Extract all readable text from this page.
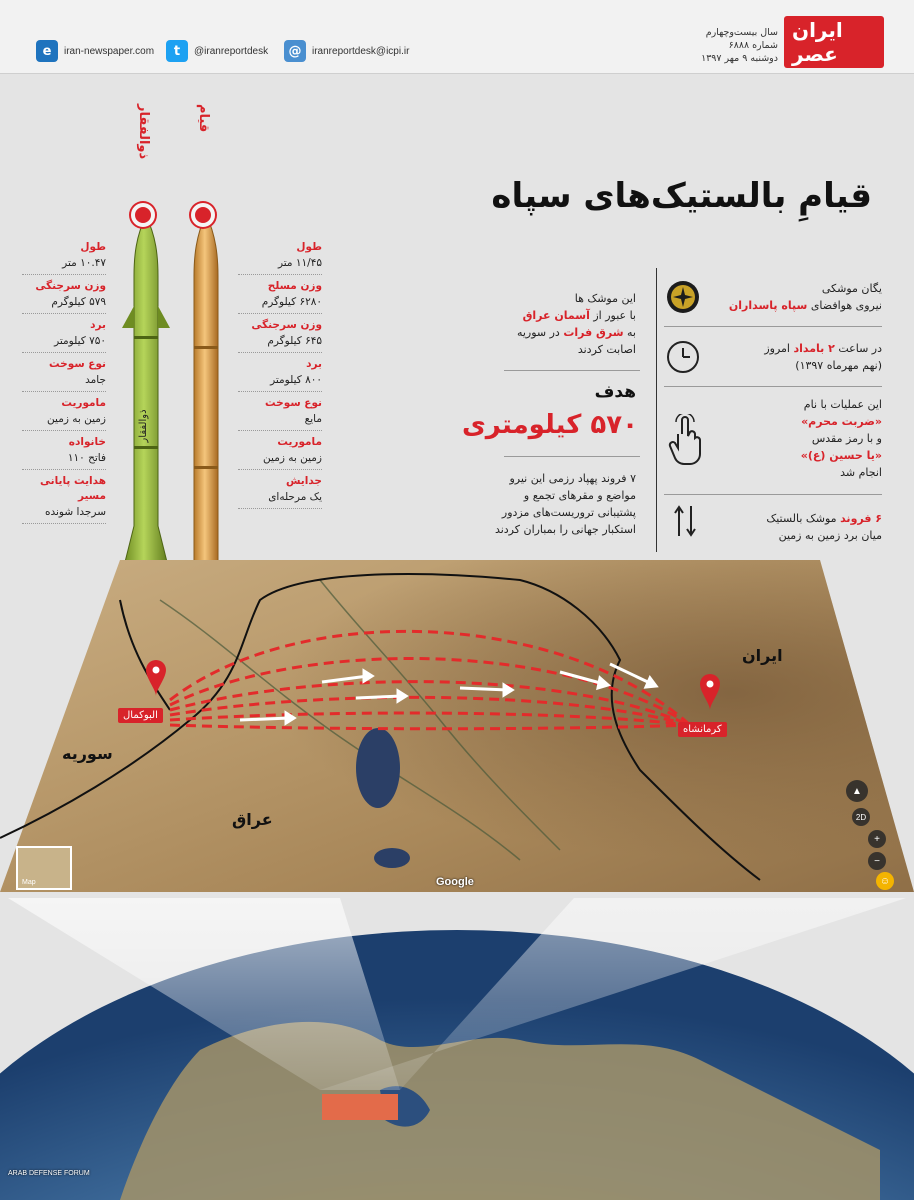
e	iran-newspaper.com	t	@iranreportdesk	@	iranreportdesk@icpi.ir
ایران عصر
سال بیست‌وچهارم
شماره ۶۸۸۸
دوشنبه ۹ مهر ۱۳۹۷
ذوالفقار	قیام
ذوالفقار
طول
۱۰.۴۷ متر
وزن سرجنگی
۵۷۹ کیلوگرم
برد
۷۵۰ کیلومتر
نوع سوخت
جامد
ماموریت
زمین به زمین
خانواده
فاتح ۱۱۰
هدایت پایانی مسیر
سرجدا شونده
طول
۱۱/۴۵ متر
وزن مسلح
۶۲۸۰ کیلوگرم
وزن سرجنگی
۶۴۵ کیلوگرم
برد
۸۰۰ کیلومتر
نوع سوخت
مایع
ماموریت
زمین به زمین
جدایش
یک مرحله‌ای
قیامِ بالستیک‌های سپاه
یگان موشکی
نیروی هوافضای سپاه پاسداران
در ساعت ۲ بامداد امروز
(نهم مهرماه ۱۳۹۷)
این عملیات با نام
«ضربت محرم»
و با رمز مقدس
«یا حسین (ع)»
انجام شد
۶ فروند موشک بالستیک
میان برد زمین به زمین
این موشک ها
با عبور از آسمان عراق
به شرق فرات در سوریه
اصابت کردند
هدف
۵۷۰ کیلومتری
۷ فروند پهپاد رزمی این نیرو
مواضع و مقرهای تجمع و
پشتیبانی تروریست‌های مزدور
استکبار جهانی را بمباران کردند
البوکمال
کرمانشاه
ایران
عراق
سوریه
Google
Map
▲
2D
+
−
☺
ARAB DEFENSE FORUM
